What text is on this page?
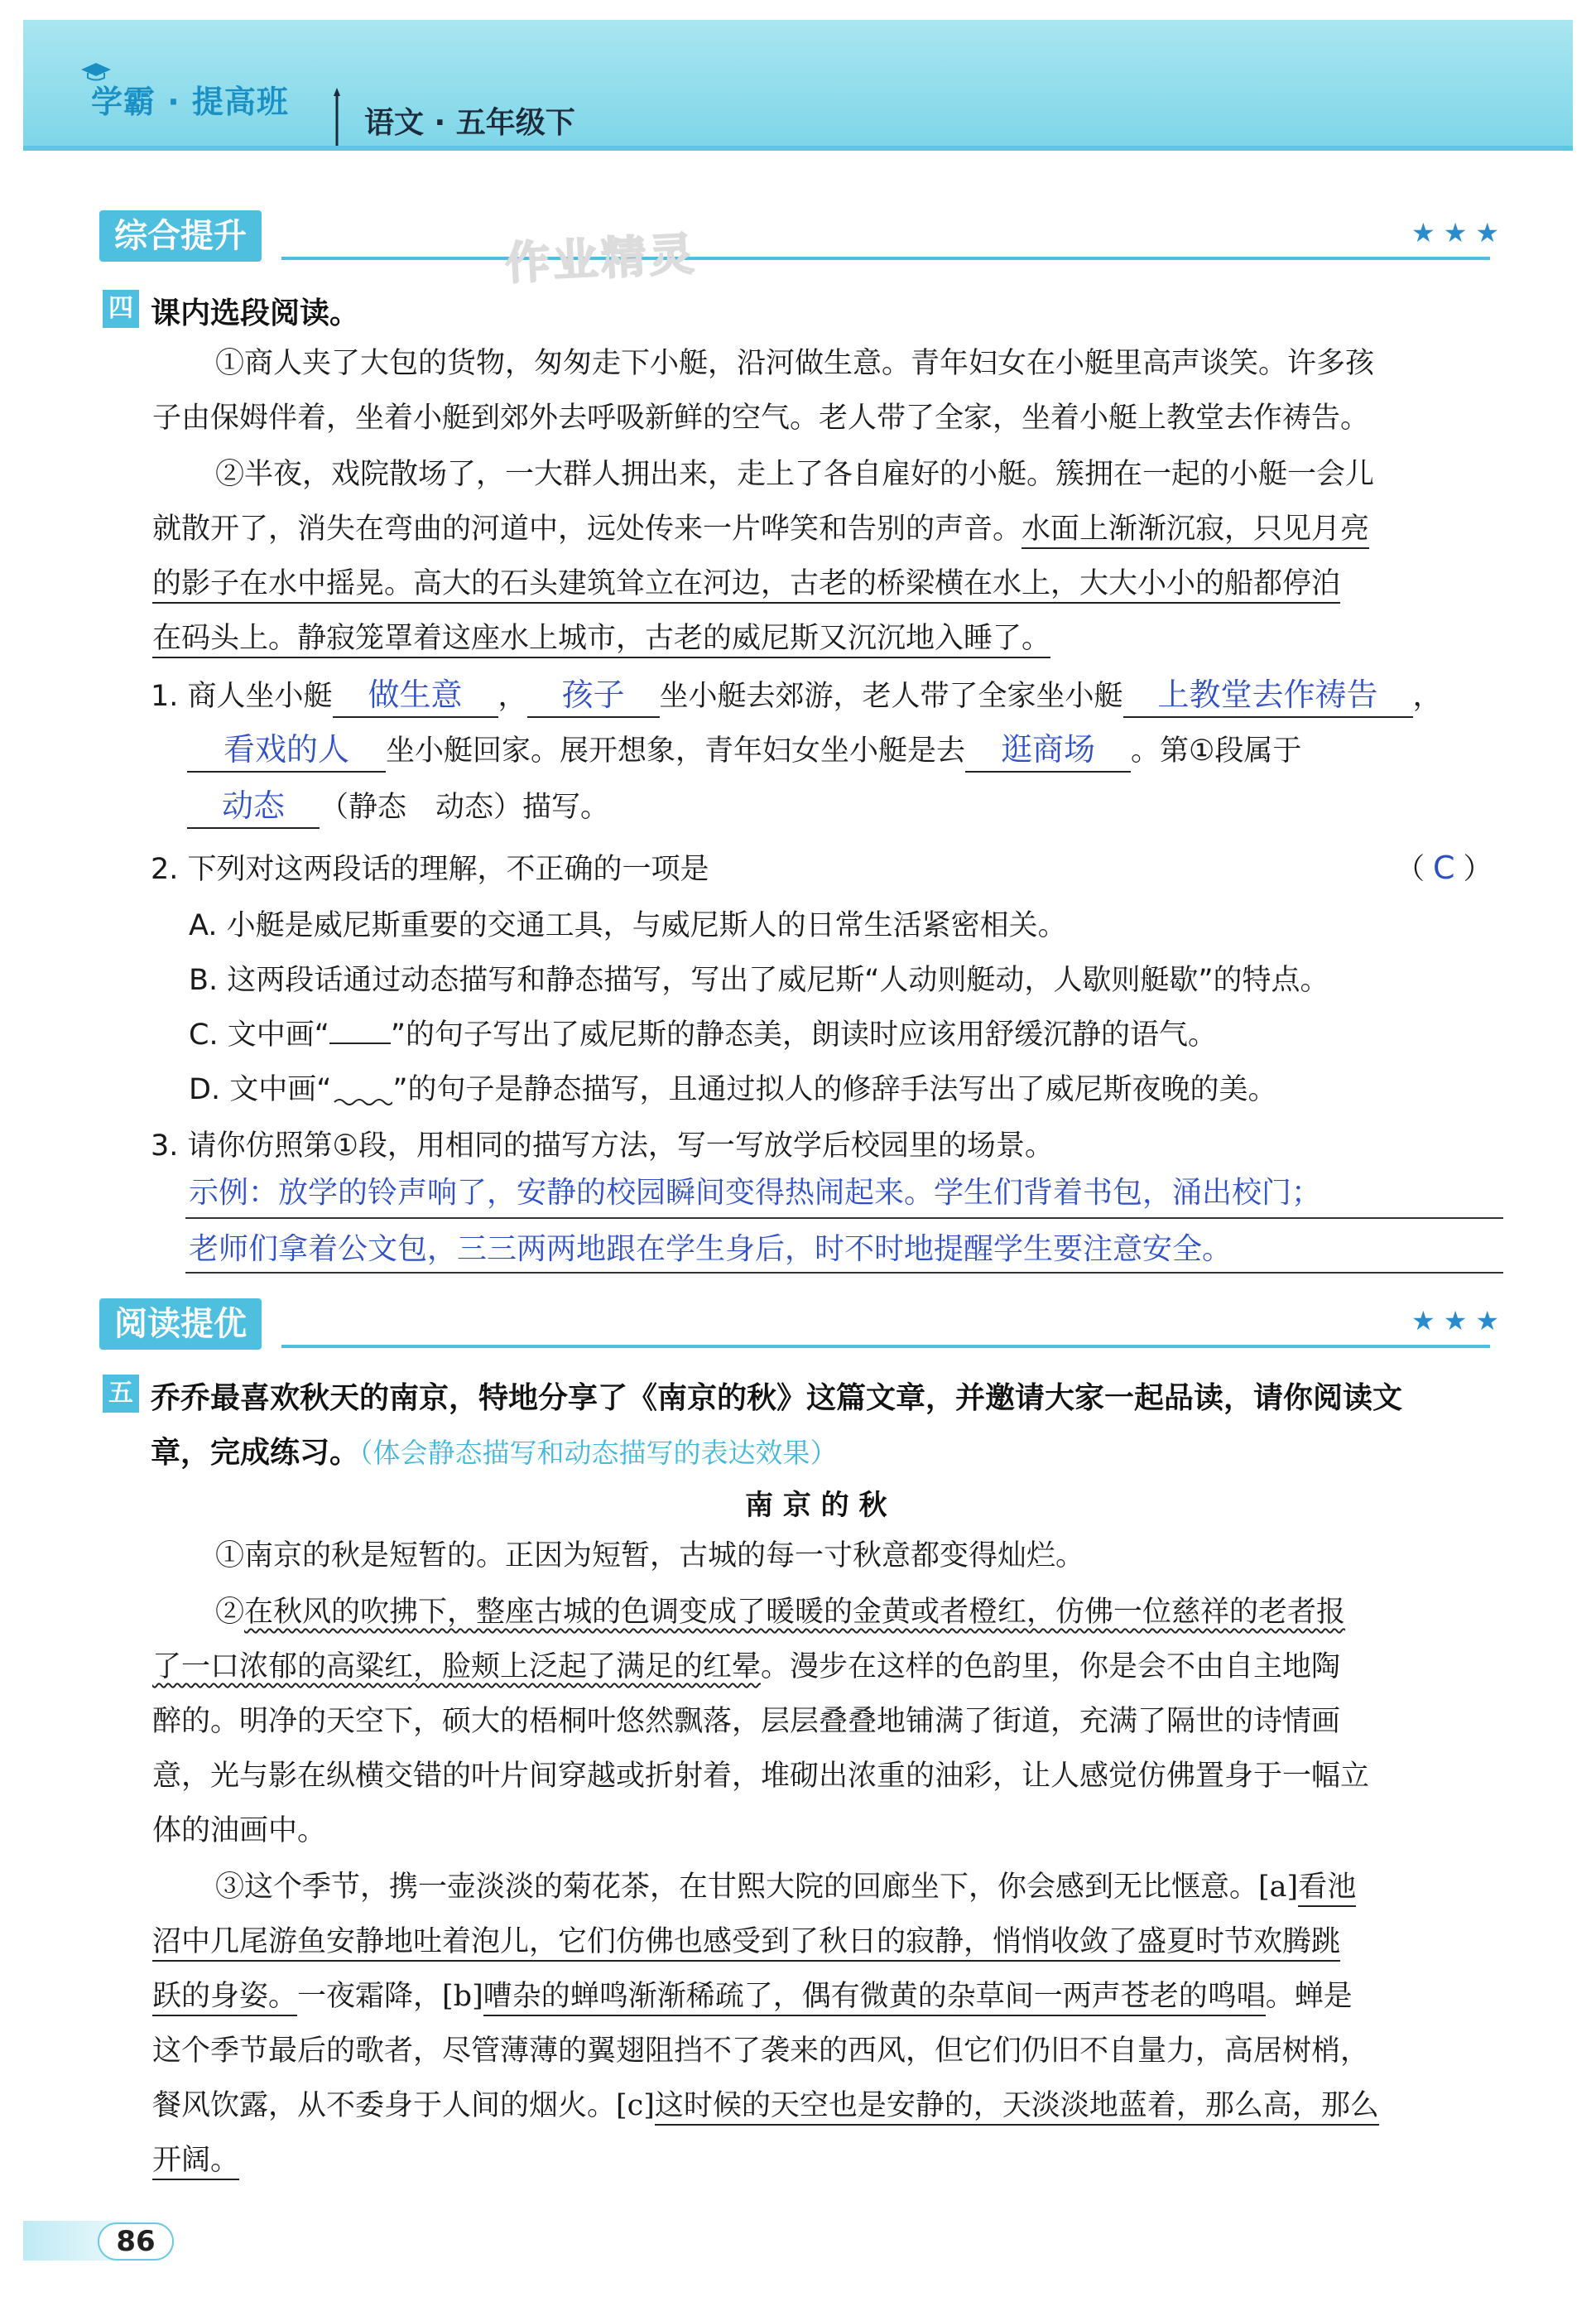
学霸 · 提高班
语文 · 五年级下
综合提升	★★★
作业精灵
四 课内选段阅读。
①商人夹了大包的货物，匆匆走下小艇，沿河做生意。青年妇女在小艇里高声谈笑。许多孩
子由保姆伴着，坐着小艇到郊外去呼吸新鲜的空气。老人带了全家，坐着小艇上教堂去作祷告。
②半夜，戏院散场了，一大群人拥出来，走上了各自雇好的小艇。簇拥在一起的小艇一会儿
就散开了，消失在弯曲的河道中，远处传来一片哗笑和告别的声音。水面上渐渐沉寂，只见月亮
的影子在水中摇晃。高大的石头建筑耸立在河边，古老的桥梁横在水上，大大小小的船都停泊
在码头上。静寂笼罩着这座水上城市，古老的威尼斯又沉沉地入睡了。
1. 商人坐小艇 做生意 ， 孩子 坐小艇去郊游，老人带了全家坐小艇 上教堂去作祷告 ，
看戏的人 坐小艇回家。展开想象，青年妇女坐小艇是去 逛商场 。第①段属于
动态 （静态　动态）描写。
2. 下列对这两段话的理解，不正确的一项是	（ C ）
A. 小艇是威尼斯重要的交通工具，与威尼斯人的日常生活紧密相关。
B. 这两段话通过动态描写和静态描写，写出了威尼斯“人动则艇动，人歇则艇歇”的特点。
C. 文中画“ ”的句子写出了威尼斯的静态美，朗读时应该用舒缓沉静的语气。
D. 文中画“ ”的句子是静态描写，且通过拟人的修辞手法写出了威尼斯夜晚的美。
3. 请你仿照第①段，用相同的描写方法，写一写放学后校园里的场景。
示例：放学的铃声响了，安静的校园瞬间变得热闹起来。学生们背着书包，涌出校门；
老师们拿着公文包，三三两两地跟在学生身后，时不时地提醒学生要注意安全。
阅读提优	★★★
五 乔乔最喜欢秋天的南京，特地分享了《南京的秋》这篇文章，并邀请大家一起品读，请你阅读文
章，完成练习。（体会静态描写和动态描写的表达效果）
南 京 的 秋
①南京的秋是短暂的。正因为短暂，古城的每一寸秋意都变得灿烂。
②在秋风的吹拂下，整座古城的色调变成了暖暖的金黄或者橙红，仿佛一位慈祥的老者报
了一口浓郁的高粱红，脸颊上泛起了满足的红晕。漫步在这样的色韵里，你是会不由自主地陶
醉的。明净的天空下，硕大的梧桐叶悠然飘落，层层叠叠地铺满了街道，充满了隔世的诗情画
意，光与影在纵横交错的叶片间穿越或折射着，堆砌出浓重的油彩，让人感觉仿佛置身于一幅立
体的油画中。
③这个季节，携一壶淡淡的菊花茶，在甘熙大院的回廊坐下，你会感到无比惬意。[a]看池
沼中几尾游鱼安静地吐着泡儿，它们仿佛也感受到了秋日的寂静，悄悄收敛了盛夏时节欢腾跳
跃的身姿。一夜霜降，[b]嘈杂的蝉鸣渐渐稀疏了，偶有微黄的杂草间一两声苍老的鸣唱。蝉是
这个季节最后的歌者，尽管薄薄的翼翅阻挡不了袭来的西风，但它们仍旧不自量力，高居树梢，
餐风饮露，从不委身于人间的烟火。[c]这时候的天空也是安静的，天淡淡地蓝着，那么高，那么
开阔。
86
